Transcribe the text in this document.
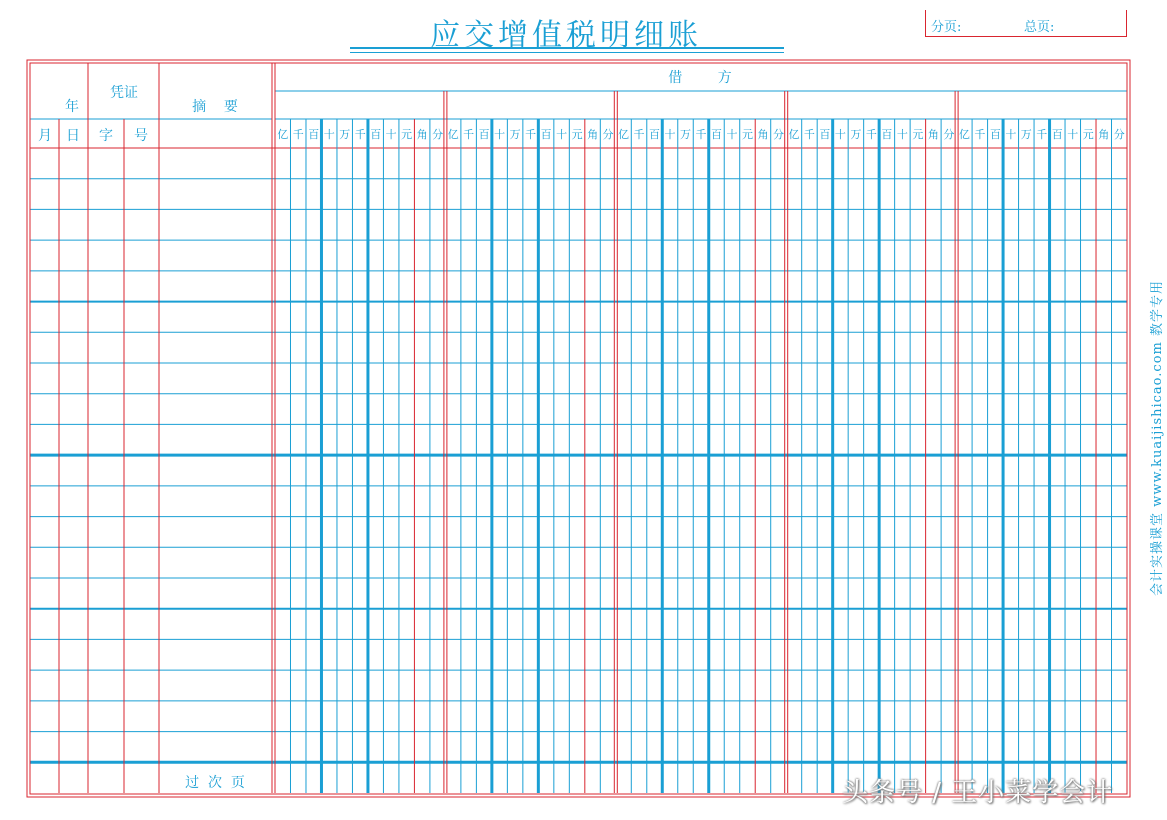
应交增值税明细账	分页:	总页:
年
凭证
摘    要
月 日 字 号
借        方
过  次  页
亿 千 百 十 万 千 百 十 元 角 分 亿 千 百 十 万 千 百 十 元 角 分 亿 千 百 十 万 千 百 十 元 角 分 亿 千 百 十 万 千 百 十 元 角 分 亿 千 百 十 万 千 百 十 元 角 分
会计实操课堂 www.kuaijishicao.com 教学专用
头条号 / 王小菜学会计
